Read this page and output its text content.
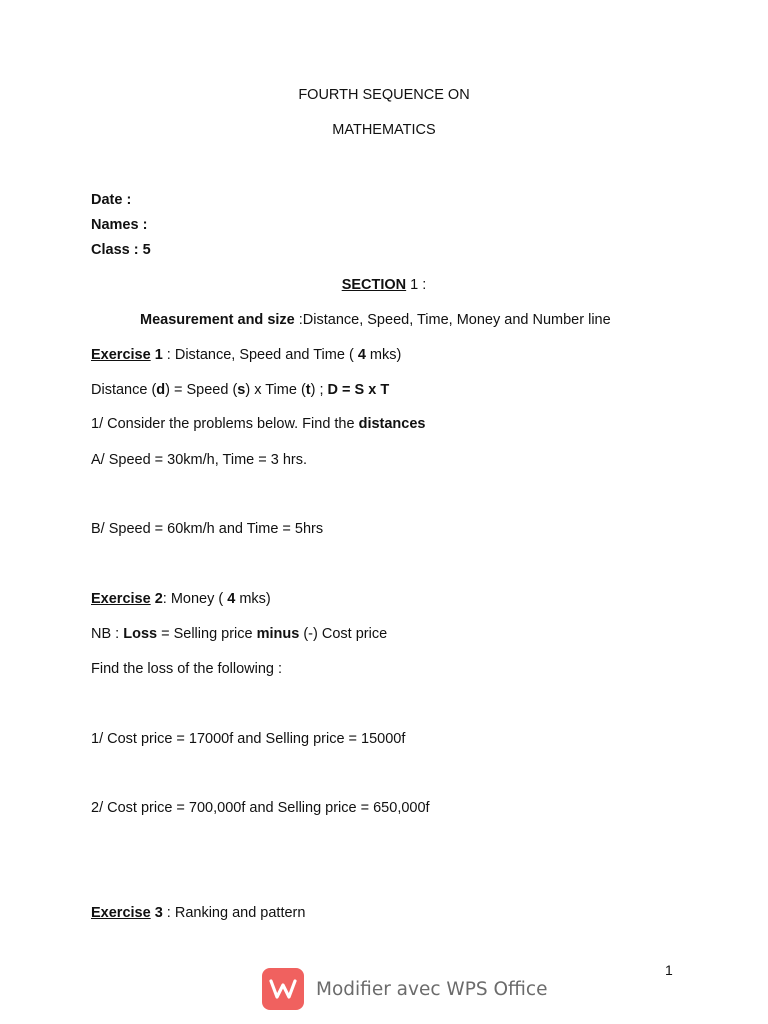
FOURTH SEQUENCE ON
MATHEMATICS
Date :
Names :
Class : 5
SECTION 1 :
Measurement and size :Distance, Speed, Time, Money and Number line
Exercise 1 : Distance, Speed and Time ( 4 mks)
Distance (d) = Speed (s) x Time (t) ; D = S x T
1/ Consider the problems below. Find the distances
A/ Speed = 30km/h, Time = 3 hrs.
B/ Speed = 60km/h and Time = 5hrs
Exercise 2: Money ( 4 mks)
NB : Loss = Selling price minus (-) Cost price
Find the loss of the following :
1/ Cost price = 17000f and Selling price = 15000f
2/ Cost price = 700,000f and Selling price = 650,000f
Exercise 3 : Ranking and pattern
1
Modifier avec WPS Office
